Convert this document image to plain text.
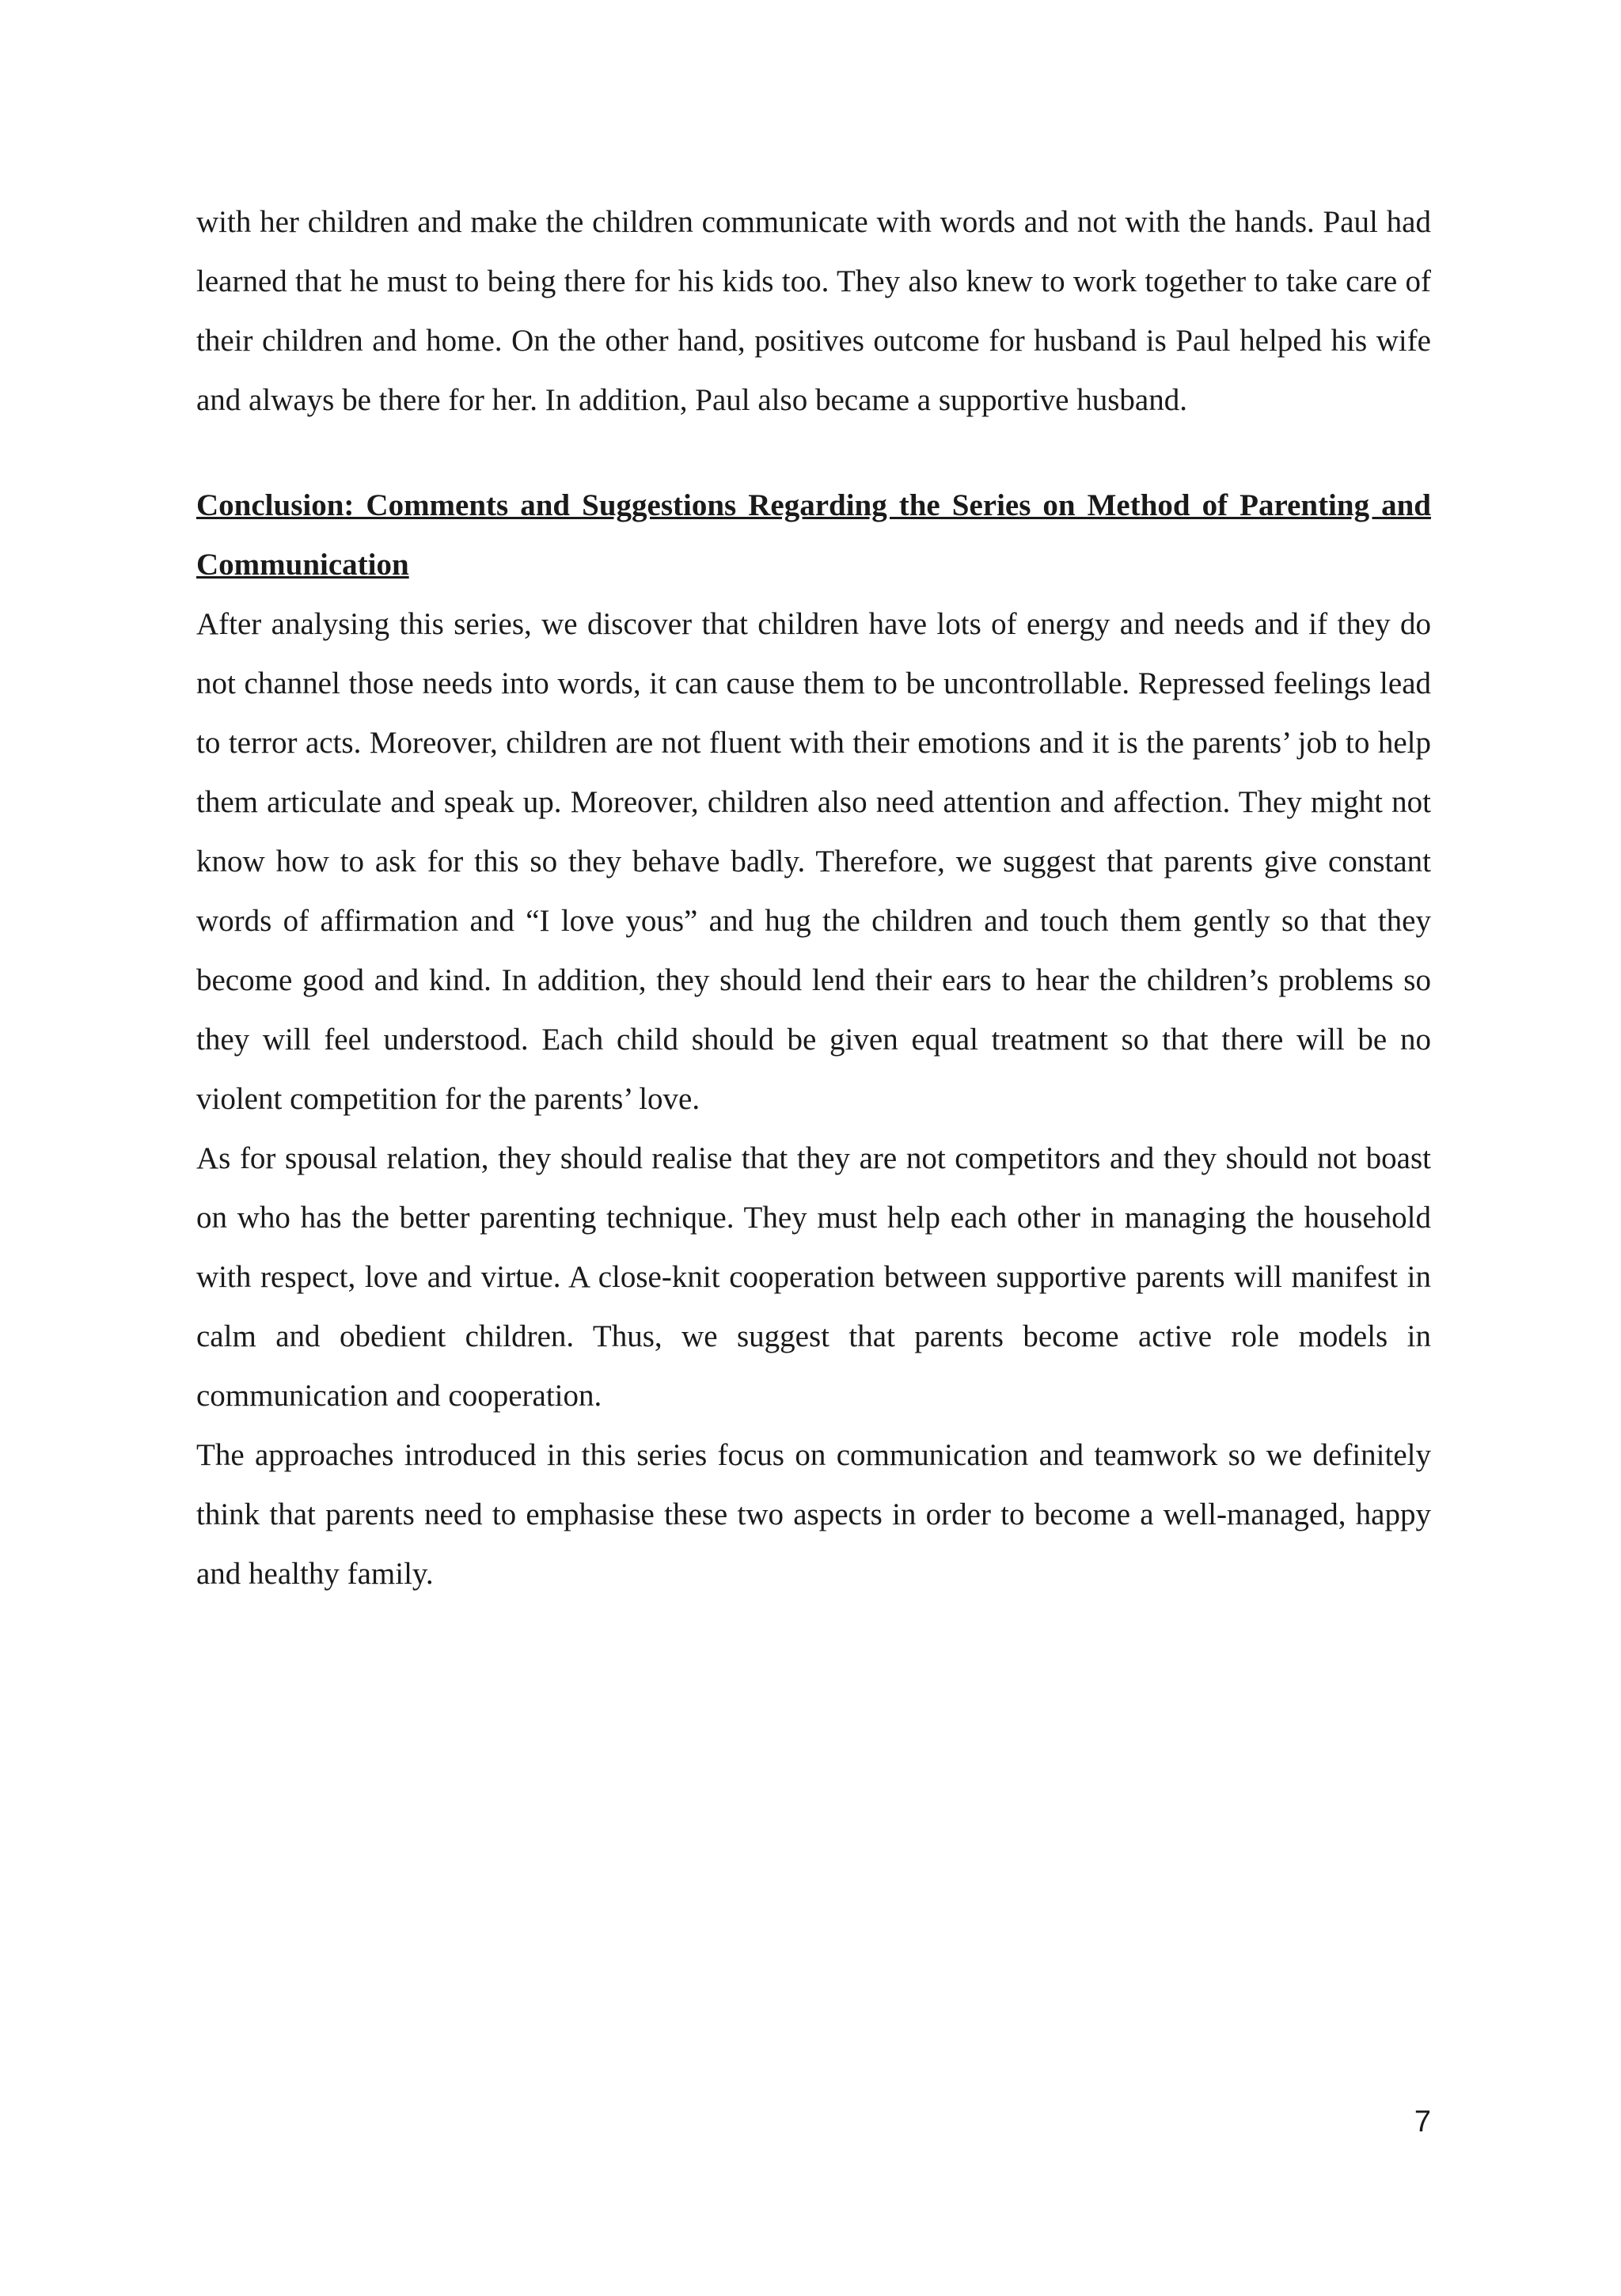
with her children and make the children communicate with words and not with the hands. Paul had learned that he must to being there for his kids too. They also knew to work together to take care of their children and home. On the other hand, positives outcome for husband is Paul helped his wife and always be there for her. In addition, Paul also became a supportive husband.

Conclusion: Comments and Suggestions Regarding the Series on Method of Parenting and Communication

After analysing this series, we discover that children have lots of energy and needs and if they do not channel those needs into words, it can cause them to be uncontrollable. Repressed feelings lead to terror acts. Moreover, children are not fluent with their emotions and it is the parents’ job to help them articulate and speak up. Moreover, children also need attention and affection. They might not know how to ask for this so they behave badly. Therefore, we suggest that parents give constant words of affirmation and “I love yous” and hug the children and touch them gently so that they become good and kind. In addition, they should lend their ears to hear the children’s problems so they will feel understood. Each child should be given equal treatment so that there will be no violent competition for the parents’ love.

As for spousal relation, they should realise that they are not competitors and they should not boast on who has the better parenting technique. They must help each other in managing the household with respect, love and virtue. A close-knit cooperation between supportive parents will manifest in calm and obedient children. Thus, we suggest that parents become active role models in communication and cooperation.

The approaches introduced in this series focus on communication and teamwork so we definitely think that parents need to emphasise these two aspects in order to become a well-managed, happy and healthy family.

7
